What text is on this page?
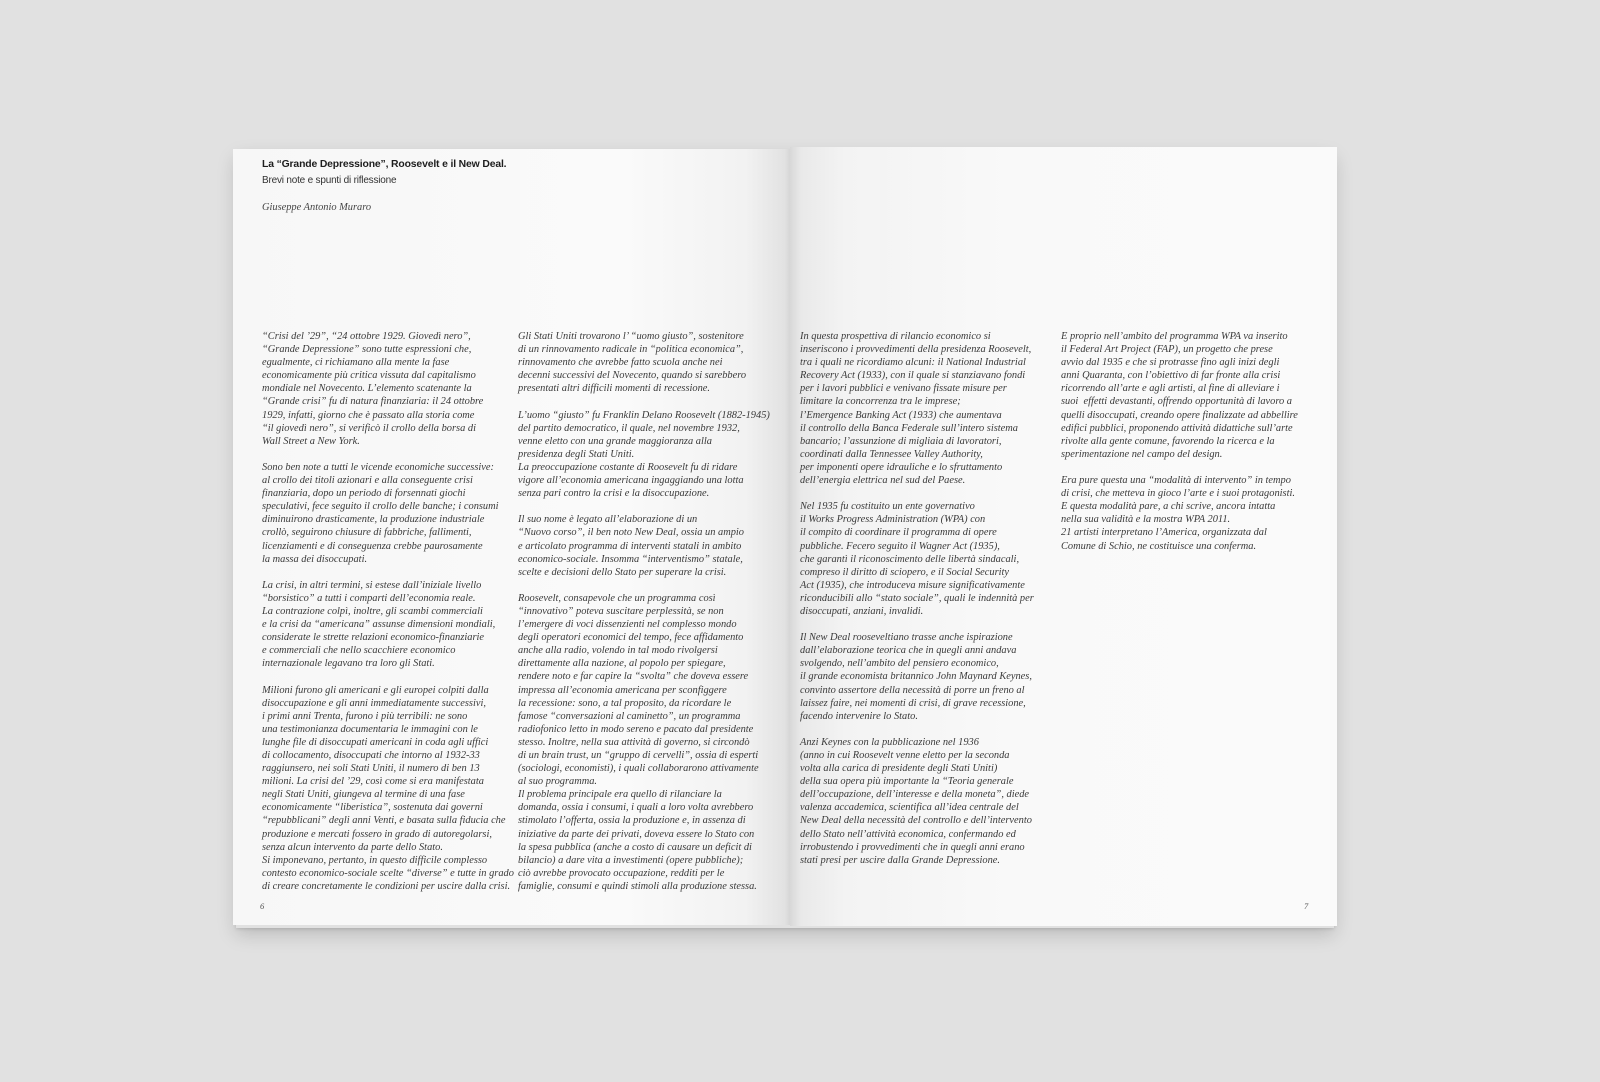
La “Grande Depressione”, Roosevelt e il New Deal.
Brevi note e spunti di riflessione
Giuseppe Antonio Muraro

“Crisi del ’29”, “24 ottobre 1929. Giovedì nero”,
“Grande Depressione” sono tutte espressioni che,
egualmente, ci richiamano alla mente la fase
economicamente più critica vissuta dal capitalismo
mondiale nel Novecento. L’elemento scatenante la
“Grande crisi” fu di natura finanziaria: il 24 ottobre
1929, infatti, giorno che è passato alla storia come
“il giovedì nero”, si verificò il crollo della borsa di
Wall Street a New York.

Sono ben note a tutti le vicende economiche successive:
al crollo dei titoli azionari e alla conseguente crisi
finanziaria, dopo un periodo di forsennati giochi
speculativi, fece seguito il crollo delle banche; i consumi
diminuirono drasticamente, la produzione industriale
crollò, seguirono chiusure di fabbriche, fallimenti,
licenziamenti e di conseguenza crebbe paurosamente
la massa dei disoccupati.

La crisi, in altri termini, si estese dall’iniziale livello
“borsistico” a tutti i comparti dell’economia reale.
La contrazione colpì, inoltre, gli scambi commerciali
e la crisi da “americana” assunse dimensioni mondiali,
considerate le strette relazioni economico-finanziarie
e commerciali che nello scacchiere economico
internazionale legavano tra loro gli Stati.

Milioni furono gli americani e gli europei colpiti dalla
disoccupazione e gli anni immediatamente successivi,
i primi anni Trenta, furono i più terribili: ne sono
una testimonianza documentaria le immagini con le
lunghe file di disoccupati americani in coda agli uffici
di collocamento, disoccupati che intorno al 1932-33
raggiunsero, nei soli Stati Uniti, il numero di ben 13
milioni. La crisi del ’29, così come si era manifestata
negli Stati Uniti, giungeva al termine di una fase
economicamente “liberistica”, sostenuta dai governi
“repubblicani” degli anni Venti, e basata sulla fiducia che
produzione e mercati fossero in grado di autoregolarsi,
senza alcun intervento da parte dello Stato.
Si imponevano, pertanto, in questo difficile complesso
contesto economico-sociale scelte “diverse” e tutte in grado
di creare concretamente le condizioni per uscire dalla crisi.

Gli Stati Uniti trovarono l’ “uomo giusto”, sostenitore
di un rinnovamento radicale in “politica economica”,
rinnovamento che avrebbe fatto scuola anche nei
decenni successivi del Novecento, quando si sarebbero
presentati altri difficili momenti di recessione.

L’uomo “giusto” fu Franklin Delano Roosevelt (1882-1945)
del partito democratico, il quale, nel novembre 1932,
venne eletto con una grande maggioranza alla
presidenza degli Stati Uniti.
La preoccupazione costante di Roosevelt fu di ridare
vigore all’economia americana ingaggiando una lotta
senza pari contro la crisi e la disoccupazione.

Il suo nome è legato all’elaborazione di un
“Nuovo corso”, il ben noto New Deal, ossia un ampio
e articolato programma di interventi statali in ambito
economico-sociale. Insomma “interventismo” statale,
scelte e decisioni dello Stato per superare la crisi.

Roosevelt, consapevole che un programma così
“innovativo” poteva suscitare perplessità, se non
l’emergere di voci dissenzienti nel complesso mondo
degli operatori economici del tempo, fece affidamento
anche alla radio, volendo in tal modo rivolgersi
direttamente alla nazione, al popolo per spiegare,
rendere noto e far capire la “svolta” che doveva essere
impressa all’economia americana per sconfiggere
la recessione: sono, a tal proposito, da ricordare le
famose “conversazioni al caminetto”, un programma
radiofonico letto in modo sereno e pacato dal presidente
stesso. Inoltre, nella sua attività di governo, si circondò
di un brain trust, un “gruppo di cervelli”, ossia di esperti
(sociologi, economisti), i quali collaborarono attivamente
al suo programma.
Il problema principale era quello di rilanciare la
domanda, ossia i consumi, i quali a loro volta avrebbero
stimolato l’offerta, ossia la produzione e, in assenza di
iniziative da parte dei privati, doveva essere lo Stato con
la spesa pubblica (anche a costo di causare un deficit di
bilancio) a dare vita a investimenti (opere pubbliche);
ciò avrebbe provocato occupazione, redditi per le
famiglie, consumi e quindi stimoli alla produzione stessa.

6

In questa prospettiva di rilancio economico si
inseriscono i provvedimenti della presidenza Roosevelt,
tra i quali ne ricordiamo alcuni: il National Industrial
Recovery Act (1933), con il quale si stanziavano fondi
per i lavori pubblici e venivano fissate misure per
limitare la concorrenza tra le imprese;
l’Emergence Banking Act (1933) che aumentava
il controllo della Banca Federale sull’intero sistema
bancario; l’assunzione di migliaia di lavoratori,
coordinati dalla Tennessee Valley Authority,
per imponenti opere idrauliche e lo sfruttamento
dell’energia elettrica nel sud del Paese.

Nel 1935 fu costituito un ente governativo
il Works Progress Administration (WPA) con
il compito di coordinare il programma di opere
pubbliche. Fecero seguito il Wagner Act (1935),
che garantì il riconoscimento delle libertà sindacali,
compreso il diritto di sciopero, e il Social Security
Act (1935), che introduceva misure significativamente
riconducibili allo “stato sociale”, quali le indennità per
disoccupati, anziani, invalidi.

Il New Deal rooseveltiano trasse anche ispirazione
dall’elaborazione teorica che in quegli anni andava
svolgendo, nell’ambito del pensiero economico,
il grande economista britannico John Maynard Keynes,
convinto assertore della necessità di porre un freno al
laissez faire, nei momenti di crisi, di grave recessione,
facendo intervenire lo Stato.

Anzi Keynes con la pubblicazione nel 1936
(anno in cui Roosevelt venne eletto per la seconda
volta alla carica di presidente degli Stati Uniti)
della sua opera più importante la “Teoria generale
dell’occupazione, dell’interesse e della moneta”, diede
valenza accademica, scientifica all’idea centrale del
New Deal della necessità del controllo e dell’intervento
dello Stato nell’attività economica, confermando ed
irrobustendo i provvedimenti che in quegli anni erano
stati presi per uscire dalla Grande Depressione.

E proprio nell’ambito del programma WPA va inserito
il Federal Art Project (FAP), un progetto che prese
avvio dal 1935 e che si protrasse fino agli inizi degli
anni Quaranta, con l’obiettivo di far fronte alla crisi
ricorrendo all’arte e agli artisti, al fine di alleviare i
suoi  effetti devastanti, offrendo opportunità di lavoro a
quelli disoccupati, creando opere finalizzate ad abbellire
edifici pubblici, proponendo attività didattiche sull’arte
rivolte alla gente comune, favorendo la ricerca e la
sperimentazione nel campo del design.

Era pure questa una “modalità di intervento” in tempo
di crisi, che metteva in gioco l’arte e i suoi protagonisti.
E questa modalità pare, a chi scrive, ancora intatta
nella sua validità e la mostra WPA 2011.
21 artisti interpretano l’America, organizzata dal
Comune di Schio, ne costituisce una conferma.

7
